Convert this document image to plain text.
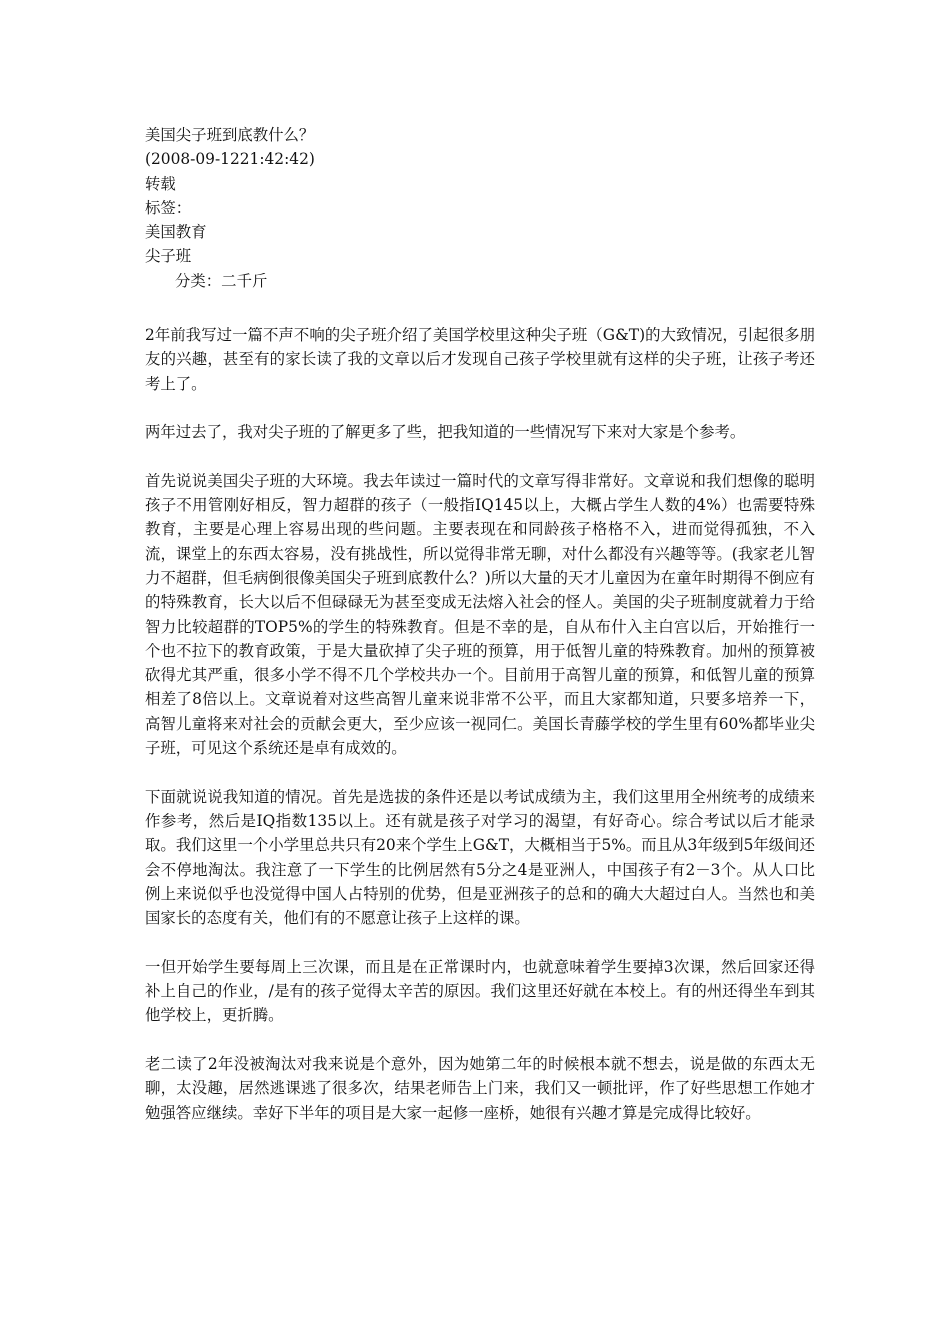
美国尖子班到底教什么？
(2008-09-1221:42:42)
转载
标签：
美国教育
尖子班
分类：二千斤

2年前我写过一篇不声不响的尖子班介绍了美国学校里这种尖子班（G&T)的大致情况，引起很多朋友的兴趣，甚至有的家长读了我的文章以后才发现自己孩子学校里就有这样的尖子班，让孩子考还考上了。

两年过去了，我对尖子班的了解更多了些，把我知道的一些情况写下来对大家是个参考。

首先说说美国尖子班的大环境。我去年读过一篇时代的文章写得非常好。文章说和我们想像的聪明孩子不用管刚好相反，智力超群的孩子（一般指IQ145以上，大概占学生人数的4%）也需要特殊教育，主要是心理上容易出现的些问题。主要表现在和同龄孩子格格不入，进而觉得孤独，不入流，课堂上的东西太容易，没有挑战性，所以觉得非常无聊，对什么都没有兴趣等等。(我家老儿智力不超群，但毛病倒很像美国尖子班到底教什么？)所以大量的天才儿童因为在童年时期得不倒应有的特殊教育，长大以后不但碌碌无为甚至变成无法熔入社会的怪人。美国的尖子班制度就着力于给智力比较超群的TOP5%的学生的特殊教育。但是不幸的是，自从布什入主白宫以后，开始推行一个也不拉下的教育政策，于是大量砍掉了尖子班的预算，用于低智儿童的特殊教育。加州的预算被砍得尤其严重，很多小学不得不几个学校共办一个。目前用于高智儿童的预算，和低智儿童的预算相差了8倍以上。文章说着对这些高智儿童来说非常不公平，而且大家都知道，只要多培养一下，高智儿童将来对社会的贡献会更大，至少应该一视同仁。美国长青藤学校的学生里有60%都毕业尖子班，可见这个系统还是卓有成效的。

下面就说说我知道的情况。首先是选拔的条件还是以考试成绩为主，我们这里用全州统考的成绩来作参考，然后是IQ指数135以上。还有就是孩子对学习的渴望，有好奇心。综合考试以后才能录取。我们这里一个小学里总共只有20来个学生上G&T，大概相当于5%。而且从3年级到5年级间还会不停地淘汰。我注意了一下学生的比例居然有5分之4是亚洲人，中国孩子有2－3个。从人口比例上来说似乎也没觉得中国人占特别的优势，但是亚洲孩子的总和的确大大超过白人。当然也和美国家长的态度有关，他们有的不愿意让孩子上这样的课。

一但开始学生要每周上三次课，而且是在正常课时内，也就意味着学生要掉3次课，然后回家还得补上自己的作业，/是有的孩子觉得太辛苦的原因。我们这里还好就在本校上。有的州还得坐车到其他学校上，更折腾。

老二读了2年没被淘汰对我来说是个意外，因为她第二年的时候根本就不想去，说是做的东西太无聊，太没趣，居然逃课逃了很多次，结果老师告上门来，我们又一顿批评，作了好些思想工作她才勉强答应继续。幸好下半年的项目是大家一起修一座桥，她很有兴趣才算是完成得比较好。
